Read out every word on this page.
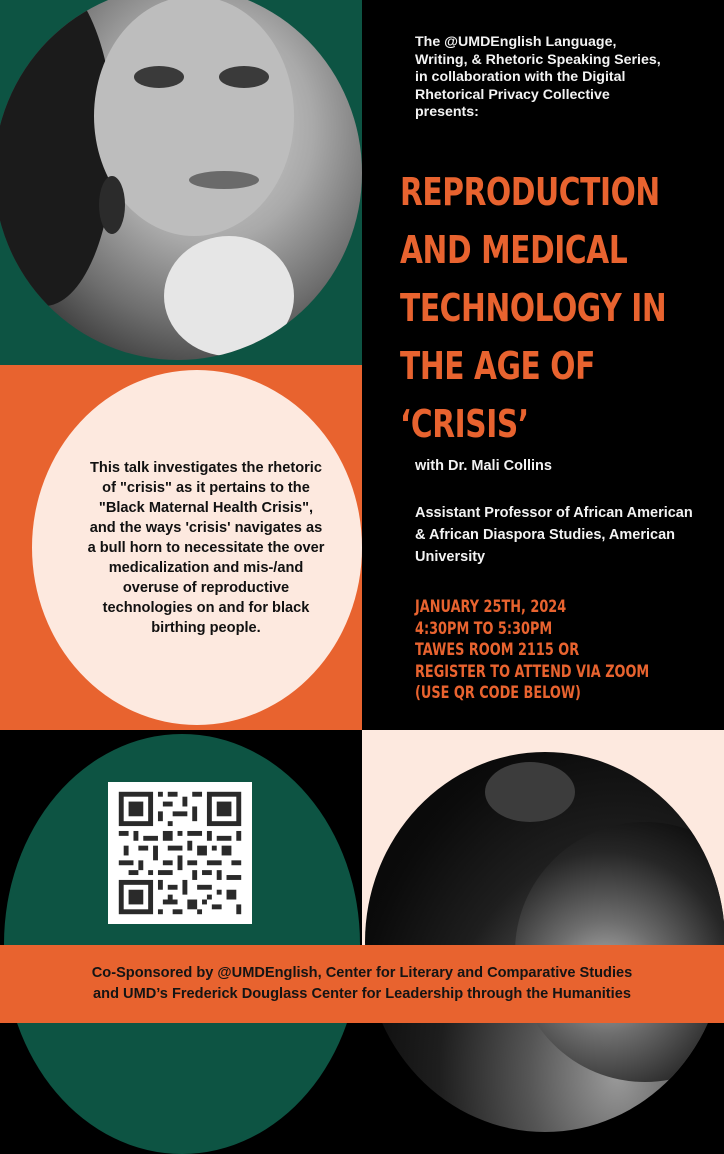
This talk investigates the rhetoric of "crisis" as it pertains to the "Black Maternal Health Crisis", and the ways 'crisis' navigates as a bull horn to necessitate the over medicalization and mis-/and overuse of reproductive technologies on and for black birthing people.
The @UMDEnglish Language,
Writing, & Rhetoric Speaking Series,
in collaboration with the Digital
Rhetorical Privacy Collective
presents:
REPRODUCTION
AND MEDICAL
TECHNOLOGY IN
THE AGE OF
‘CRISIS’
with Dr. Mali Collins
Assistant Professor of African American & African Diaspora Studies, American University
JANUARY 25TH, 2024
4:30PM TO 5:30PM
TAWES ROOM 2115 OR
REGISTER TO ATTEND VIA ZOOM
(USE QR CODE BELOW)
Co-Sponsored by @UMDEnglish, Center for Literary and Comparative Studies
and UMD’s Frederick Douglass Center for Leadership through the Humanities
